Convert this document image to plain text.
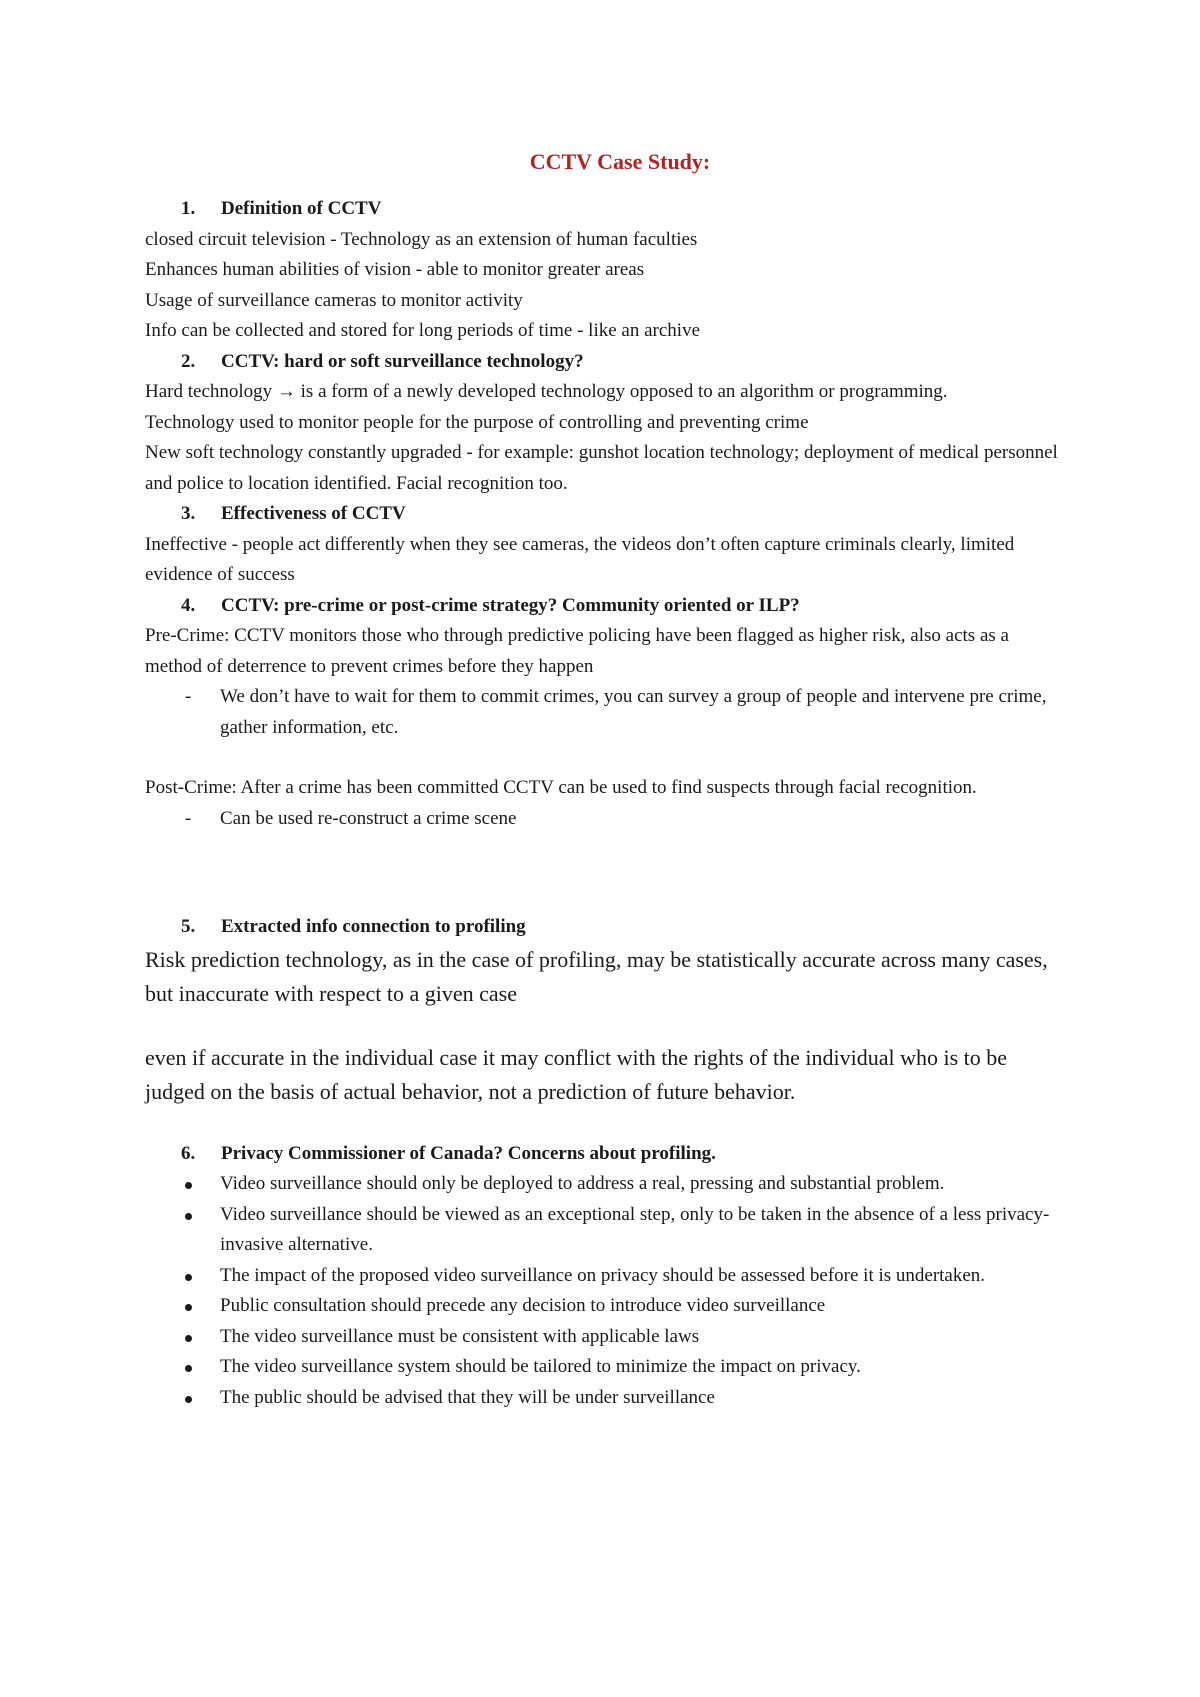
CCTV Case Study:
1.	Definition of CCTV

closed circuit television - Technology as an extension of human faculties

Enhances human abilities of vision - able to monitor greater areas

Usage of surveillance cameras to monitor activity

Info can be collected and stored for long periods of time - like an archive

2.	CCTV: hard or soft surveillance technology?

Hard technology → is a form of a newly developed technology opposed to an algorithm or programming.

Technology used to monitor people for the purpose of controlling and preventing crime

New soft technology constantly upgraded - for example: gunshot location technology; deployment of medical personnel and police to location identified. Facial recognition too.

3.	Effectiveness of CCTV

Ineffective - people act differently when they see cameras, the videos don’t often capture criminals clearly, limited evidence of success

4.	CCTV: pre-crime or post-crime strategy? Community oriented or ILP?

Pre-Crime: CCTV monitors those who through predictive policing have been flagged as higher risk, also acts as a method of deterrence to prevent crimes before they happen

- We don’t have to wait for them to commit crimes, you can survey a group of people and intervene pre crime, gather information, etc.

Post-Crime: After a crime has been committed CCTV can be used to find suspects through facial recognition.

- Can be used re-construct a crime scene

5.	Extracted info connection to profiling

Risk prediction technology, as in the case of profiling, may be statistically accurate across many cases, but inaccurate with respect to a given case

even if accurate in the individual case it may conflict with the rights of the individual who is to be judged on the basis of actual behavior, not a prediction of future behavior.

6.	Privacy Commissioner of Canada? Concerns about profiling.

Video surveillance should only be deployed to address a real, pressing and substantial problem.

Video surveillance should be viewed as an exceptional step, only to be taken in the absence of a less privacy-invasive alternative.

The impact of the proposed video surveillance on privacy should be assessed before it is undertaken.

Public consultation should precede any decision to introduce video surveillance

The video surveillance must be consistent with applicable laws

The video surveillance system should be tailored to minimize the impact on privacy.

The public should be advised that they will be under surveillance
